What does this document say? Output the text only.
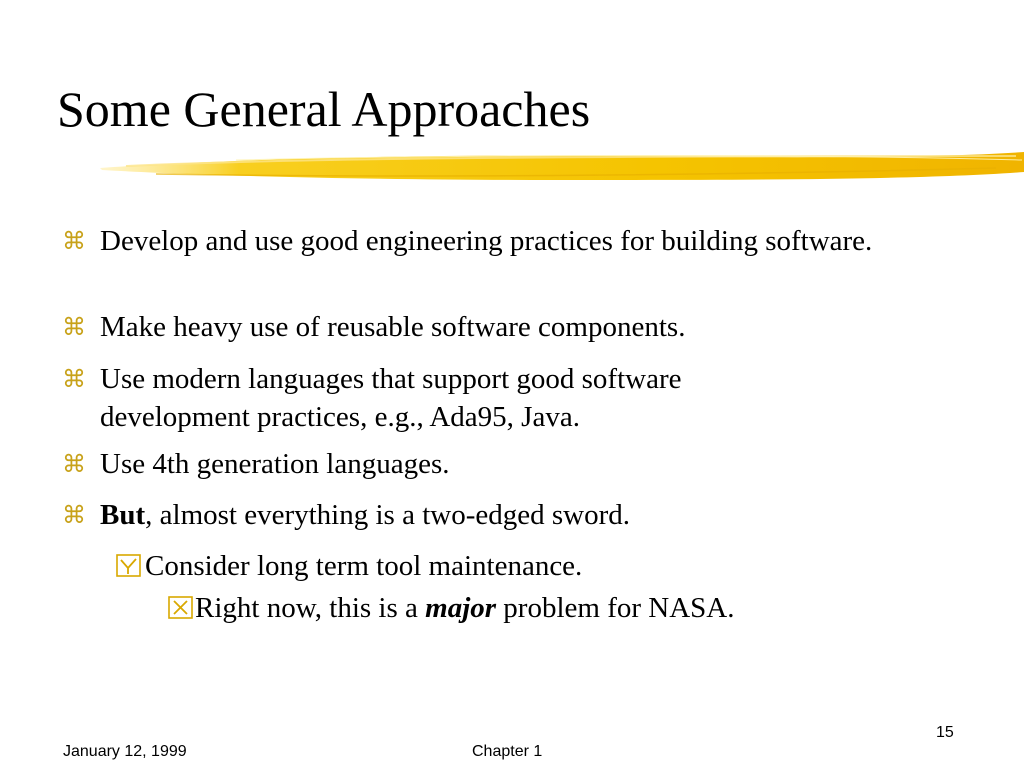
Some General Approaches
⌘ Develop and use good engineering practices for building software.
⌘ Make heavy use of reusable software components.
⌘ Use modern languages that support good software development practices, e.g., Ada95, Java.
⌘ Use 4th generation languages.
⌘ But, almost everything is a two-edged sword.
Consider long term tool maintenance.
Right now, this is a major problem for NASA.
15
January 12, 1999	Chapter 1
